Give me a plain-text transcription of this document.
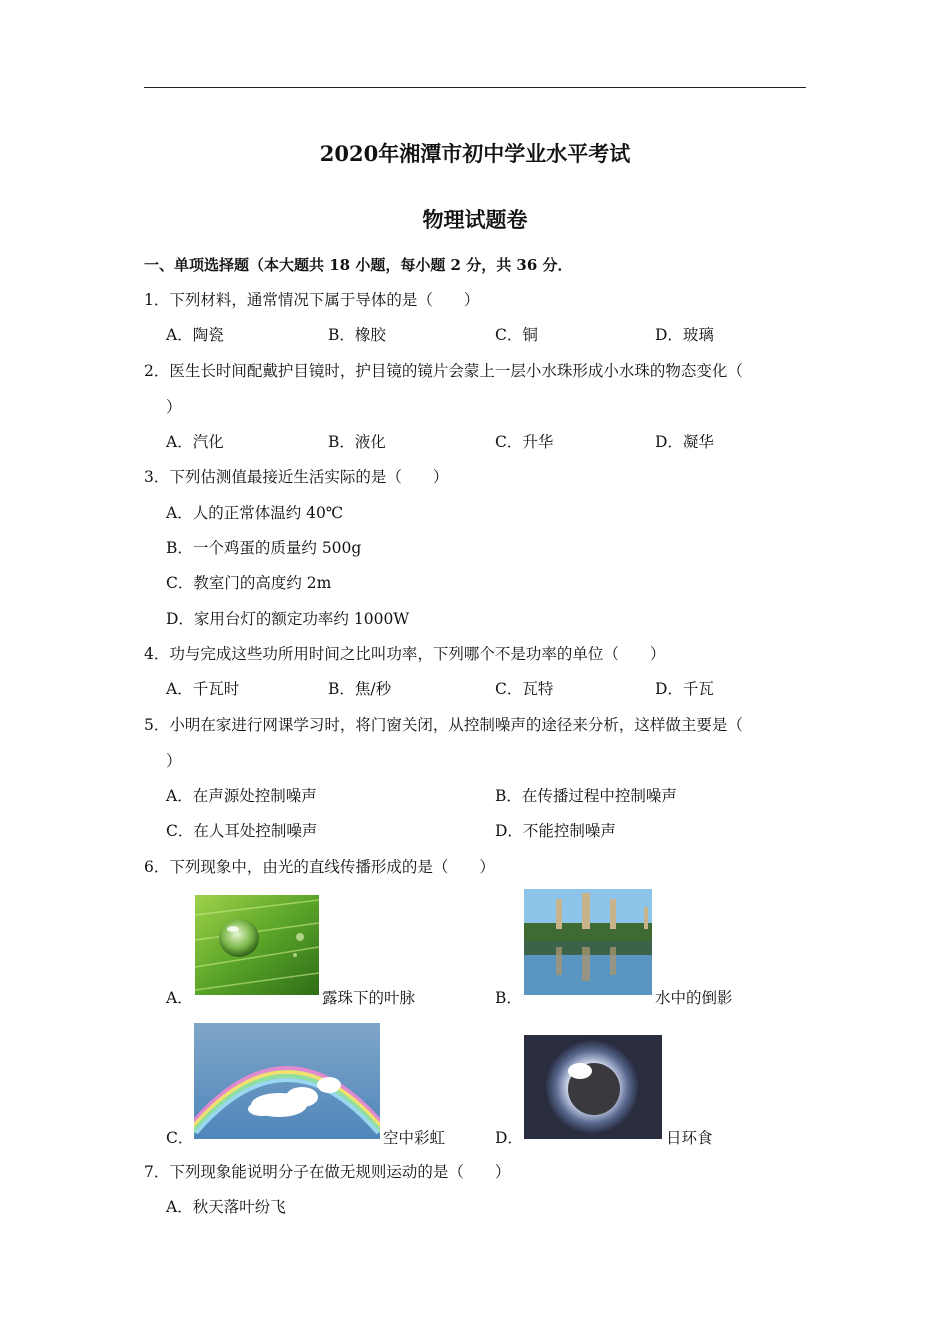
2020年湘潭市初中学业水平考试
物理试题卷
一、单项选择题（本大题共 18 小题，每小题 2 分，共 36 分．
1．下列材料，通常情况下属于导体的是（　　）
A．陶瓷	B．橡胶	C．铜	D．玻璃
2．医生长时间配戴护目镜时，护目镜的镜片会蒙上一层小水珠形成小水珠的物态变化（
）
A．汽化	B．液化	C．升华	D．凝华
3．下列估测值最接近生活实际的是（　　）
A．人的正常体温约 40℃
B．一个鸡蛋的质量约 500g
C．教室门的高度约 2m
D．家用台灯的额定功率约 1000W
4．功与完成这些功所用时间之比叫功率，下列哪个不是功率的单位（　　）
A．千瓦时	B．焦/秒	C．瓦特	D．千瓦
5．小明在家进行网课学习时，将门窗关闭，从控制噪声的途径来分析，这样做主要是（
）
A．在声源处控制噪声	B．在传播过程中控制噪声
C．在人耳处控制噪声	D．不能控制噪声
6．下列现象中，由光的直线传播形成的是（　　）
A．	露珠下的叶脉	B．	水中的倒影
C．	空中彩虹	D．	日环食
7．下列现象能说明分子在做无规则运动的是（　　）
A．秋天落叶纷飞
